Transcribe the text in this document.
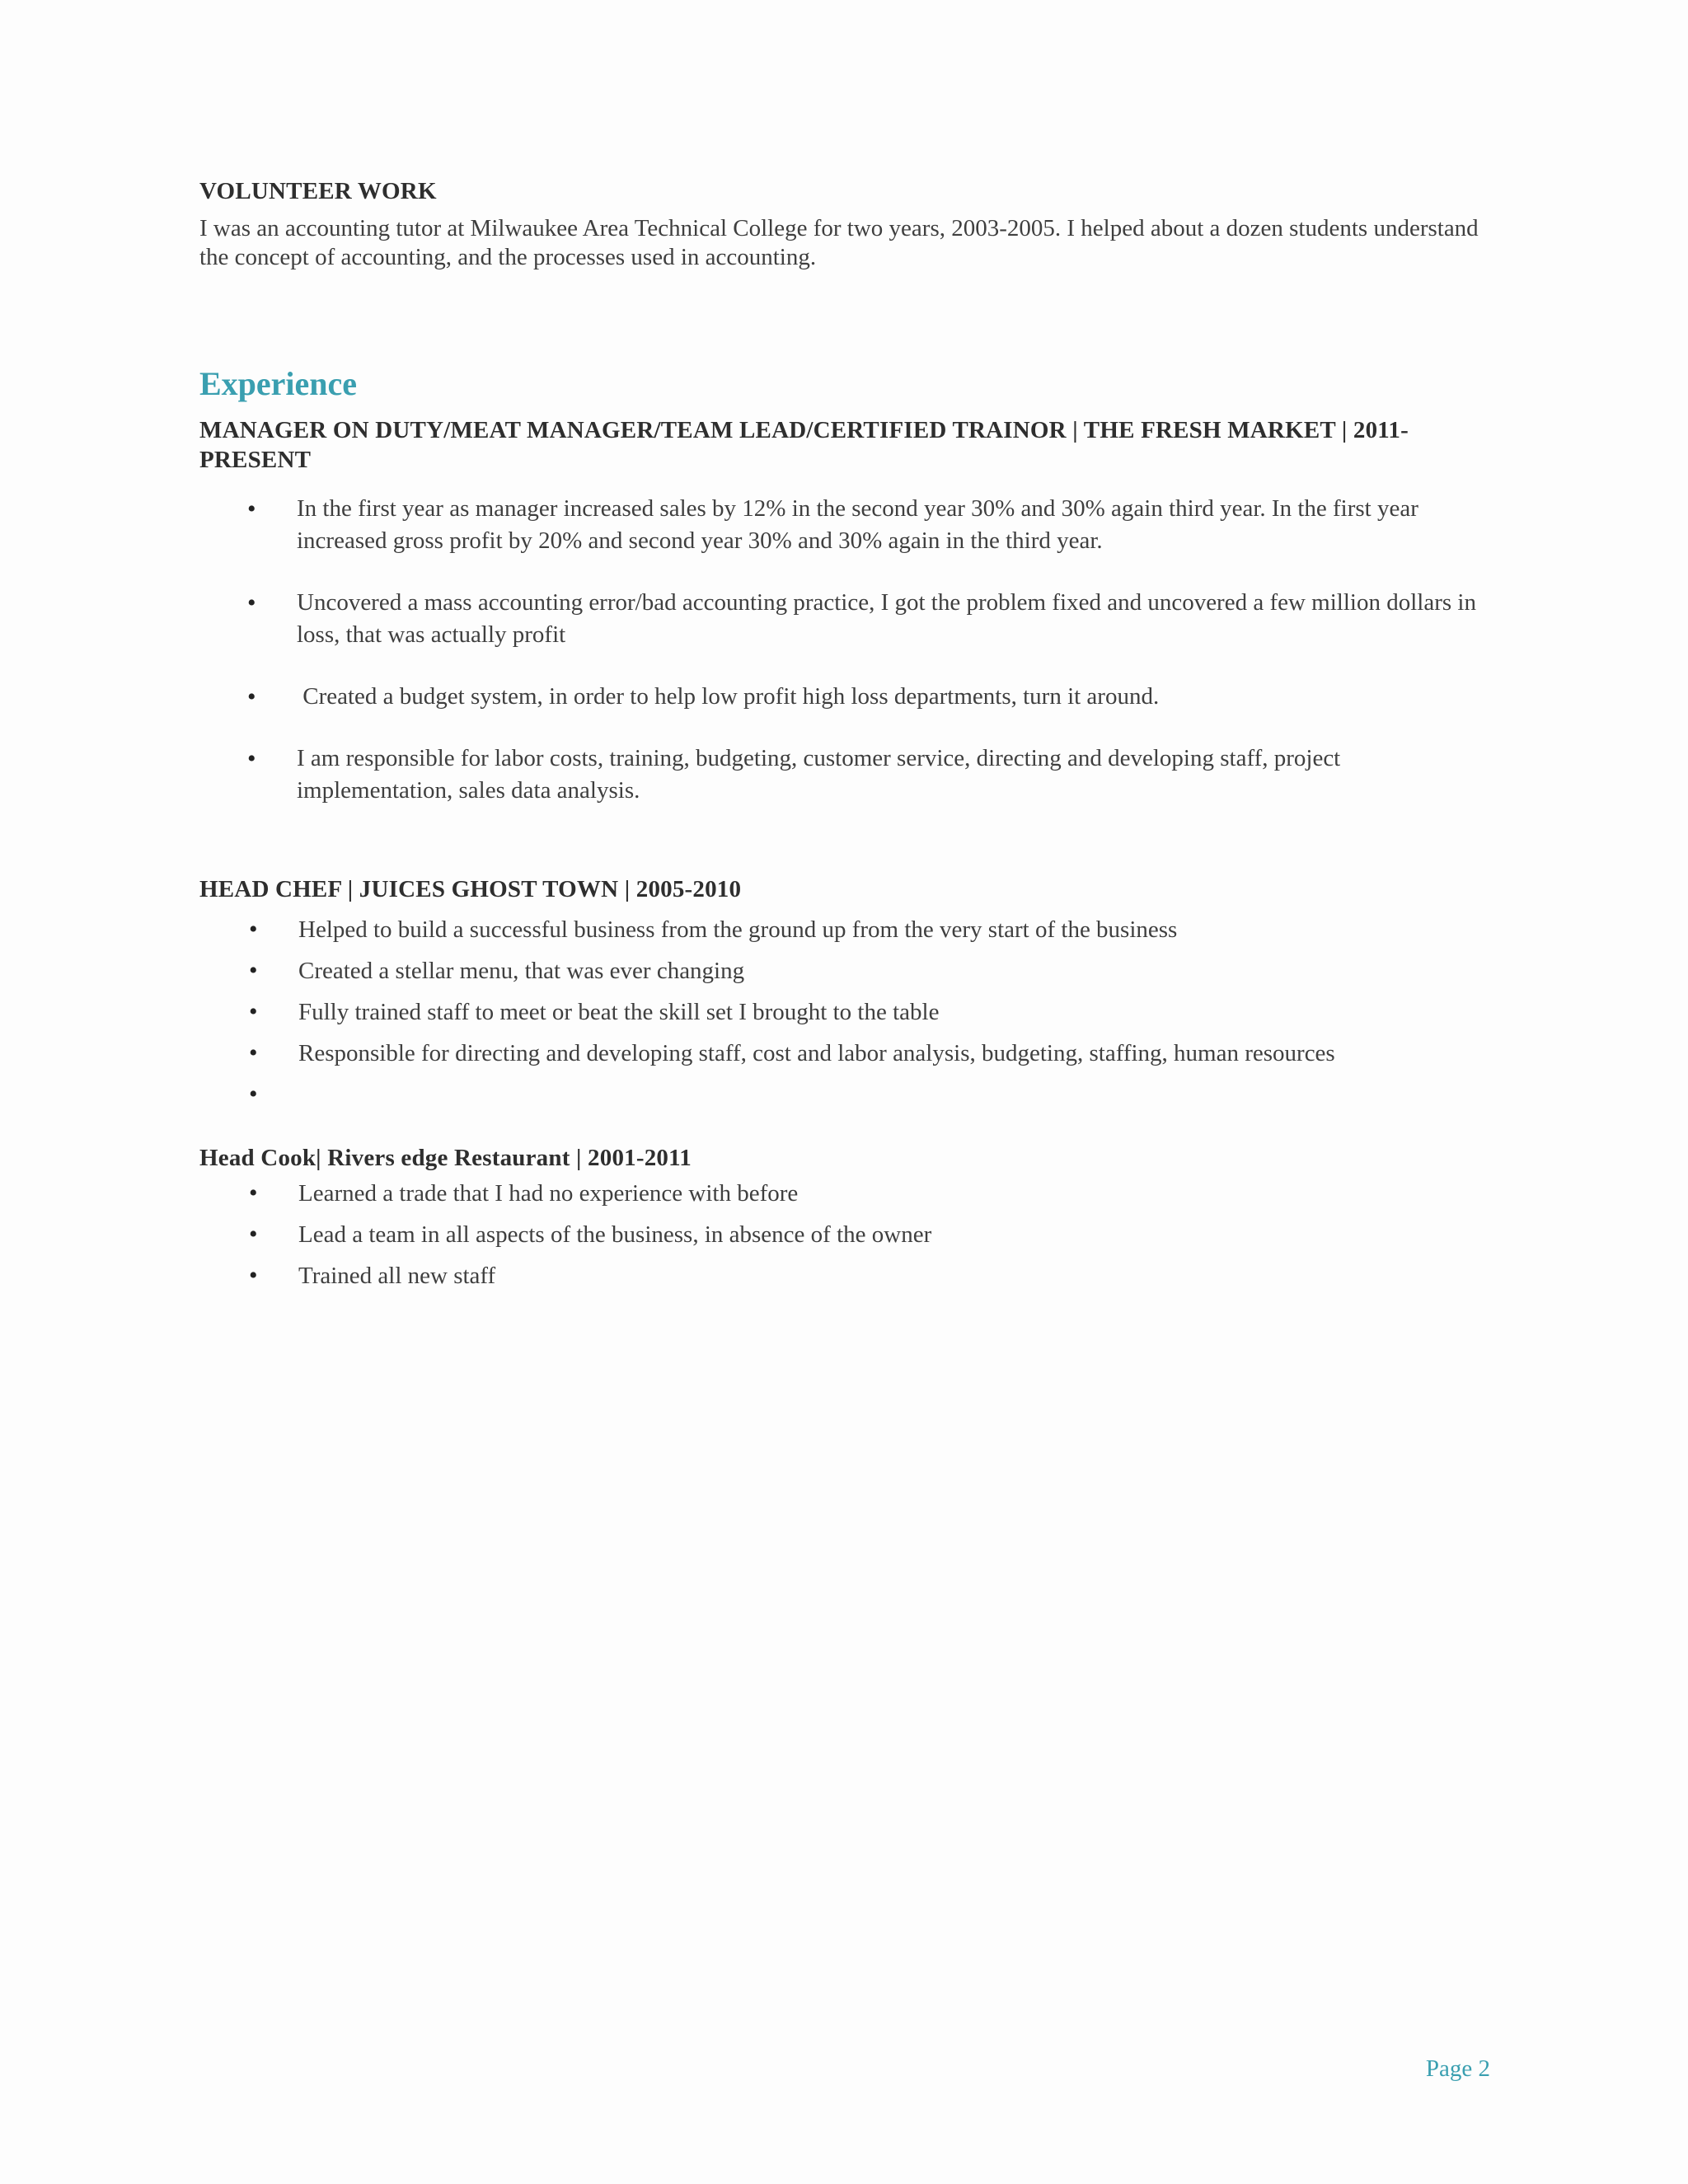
VOLUNTEER WORK

I was an accounting tutor at Milwaukee Area Technical College for two years, 2003-2005. I helped about a dozen students understand the concept of accounting, and the processes used in accounting.

Experience

MANAGER ON DUTY/MEAT MANAGER/TEAM LEAD/CERTIFIED TRAINOR | THE FRESH MARKET | 2011- PRESENT

• In the first year as manager increased sales by 12% in the second year 30% and 30% again third year. In the first year increased gross profit by 20% and second year 30% and 30% again in the third year.
• Uncovered a mass accounting error/bad accounting practice, I got the problem fixed and uncovered a few million dollars in loss, that was actually profit
• Created a budget system, in order to help low profit high loss departments, turn it around.
• I am responsible for labor costs, training, budgeting, customer service, directing and developing staff, project implementation, sales data analysis.

HEAD CHEF | JUICES GHOST TOWN | 2005-2010

• Helped to build a successful business from the ground up from the very start of the business
• Created a stellar menu, that was ever changing
• Fully trained staff to meet or beat the skill set I brought to the table
• Responsible for directing and developing staff, cost and labor analysis, budgeting, staffing, human resources
•

Head Cook| Rivers edge Restaurant | 2001-2011

• Learned a trade that I had no experience with before
• Lead a team in all aspects of the business, in absence of the owner
• Trained all new staff
Page 2
